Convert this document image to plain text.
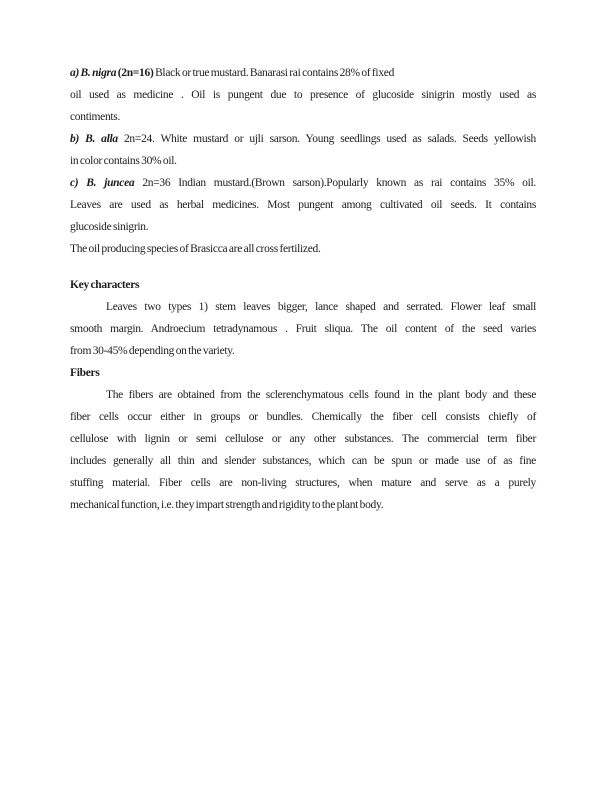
a) B. nigra (2n=16) Black or true mustard. Banarasi rai contains 28% of fixed
oil used as medicine . Oil is pungent due to presence of glucoside sinigrin mostly used as
contiments.
b) B. alla 2n=24. White mustard or ujli sarson. Young seedlings used as salads. Seeds yellowish
in color contains 30% oil.
c) B. juncea 2n=36 Indian mustard.(Brown sarson).Popularly known as rai contains 35% oil.
Leaves are used as herbal medicines. Most pungent among cultivated oil seeds. It contains
glucoside sinigrin.
The oil producing species of Brasicca are all cross fertilized.
Key characters
Leaves two types 1) stem leaves bigger, lance shaped and serrated. Flower leaf small
smooth margin. Androecium tetradynamous . Fruit sliqua. The oil content of the seed varies
from 30-45% depending on the variety.
Fibers
The fibers are obtained from the sclerenchymatous cells found in the plant body and these
fiber cells occur either in groups or bundles. Chemically the fiber cell consists chiefly of
cellulose with lignin or semi cellulose or any other substances. The commercial term fiber
includes generally all thin and slender substances, which can be spun or made use of as fine
stuffing material. Fiber cells are non-living structures, when mature and serve as a purely
mechanical function, i.e. they impart strength and rigidity to the plant body.
